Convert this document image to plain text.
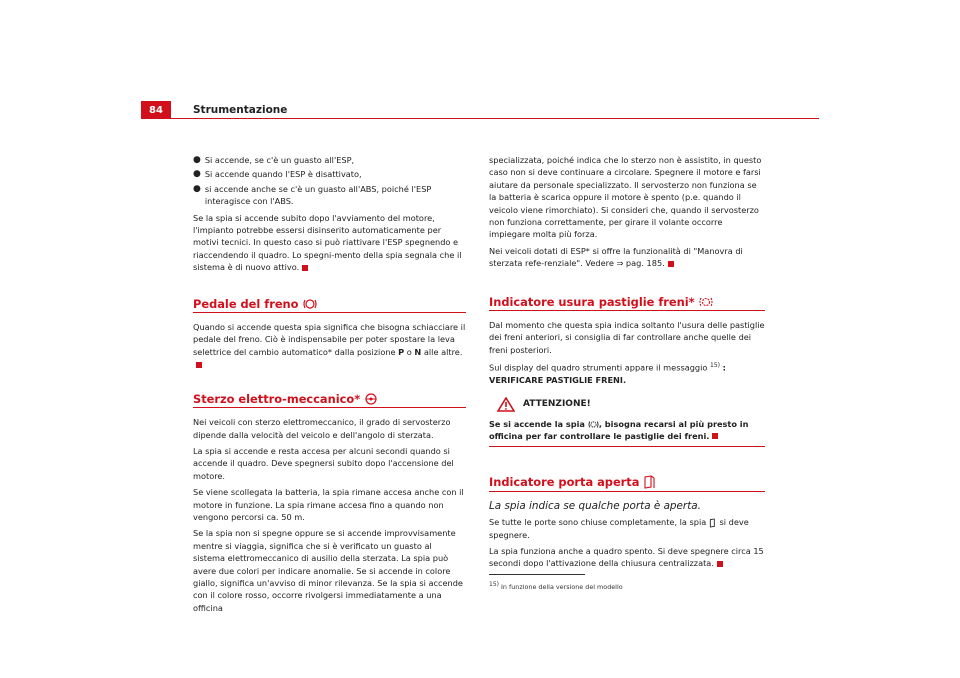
84	Strumentazione
● Si accende, se c'è un guasto all'ESP,
● Si accende quando l'ESP è disattivato,
● si accende anche se c'è un guasto all'ABS, poiché l'ESP interagisce con l'ABS.

Se la spia si accende subito dopo l'avviamento del motore, l'impianto potrebbe essersi disinserito automaticamente per motivi tecnici. In questo caso si può riattivare l'ESP spegnendo e riaccendendo il quadro. Lo spegni-mento della spia segnala che il sistema è di nuovo attivo.

Pedale del freno

Quando si accende questa spia significa che bisogna schiacciare il pedale del freno. Ciò è indispensabile per poter spostare la leva selettrice del cambio automatico* dalla posizione P o N alle altre.

Sterzo elettro-meccanico*

Nei veicoli con sterzo elettromeccanico, il grado di servosterzo dipende dalla velocità del veicolo e dell'angolo di sterzata.

La spia si accende e resta accesa per alcuni secondi quando si accende il quadro. Deve spegnersi subito dopo l'accensione del motore.

Se viene scollegata la batteria, la spia rimane accesa anche con il motore in funzione. La spia rimane accesa fino a quando non vengono percorsi ca. 50 m.

Se la spia non si spegne oppure se si accende improvvisamente mentre si viaggia, significa che si è verificato un guasto al sistema elettromeccanico di ausilio della sterzata. La spia può avere due colori per indicare anomalie. Se si accende in colore giallo, significa un'avviso di minor rilevanza. Se la spia si accende con il colore rosso, occorre rivolgersi immediatamente a una officina

specializzata, poiché indica che lo sterzo non è assistito, in questo caso non si deve continuare a circolare. Spegnere il motore e farsi aiutare da personale specializzato. Il servosterzo non funziona se la batteria è scarica oppure il motore è spento (p.e. quando il veicolo viene rimorchiato). Si consideri che, quando il servosterzo non funziona correttamente, per girare il volante occorre impiegare molta più forza.

Nei veicoli dotati di ESP* si offre la funzionalità di "Manovra di sterzata refe-renziale". Vedere ⇒ pag. 185.

Indicatore usura pastiglie freni*

Dal momento che questa spia indica soltanto l'usura delle pastiglie dei freni anteriori, si consiglia di far controllare anche quelle dei freni posteriori.

Sul display del quadro strumenti appare il messaggio $^{15)}$ : VERIFICARE PASTIGLIE FRENI.

ATTENZIONE!
Se si accende la spia , bisogna recarsi al più presto in officina per far controllare le pastiglie dei freni.
Indicatore porta aperta

La spia indica se qualche porta è aperta.

Se tutte le porte sono chiuse completamente, la spia si deve spegnere.

La spia funziona anche a quadro spento. Si deve spegnere circa 15 secondi dopo l'attivazione della chiusura centralizzata.

$^{15)}$ In funzione della versione del modello
